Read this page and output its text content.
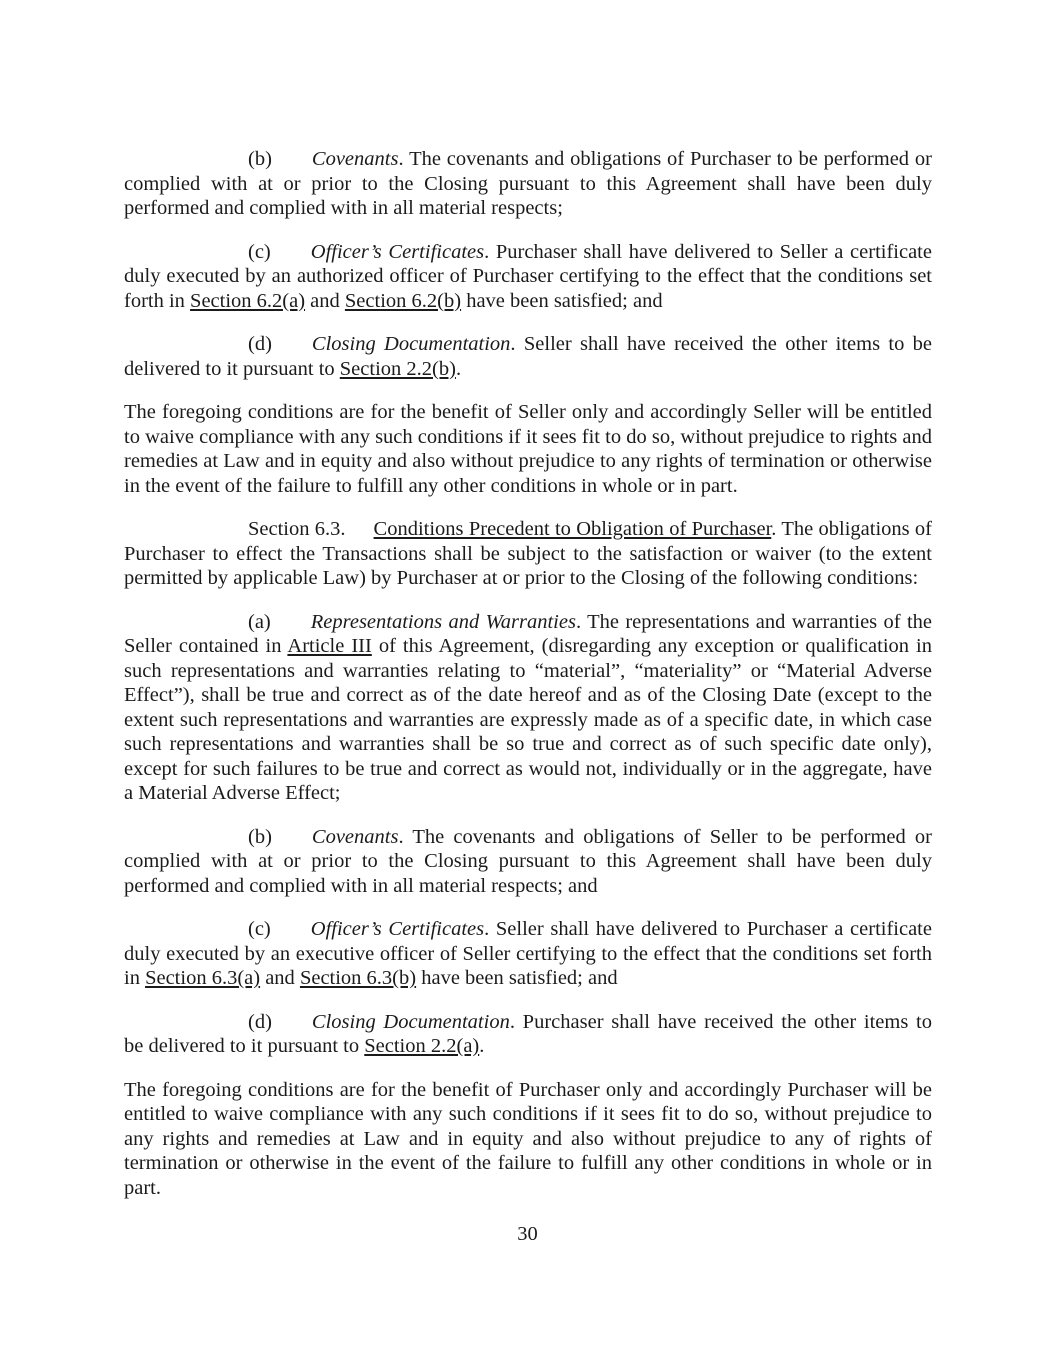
(b) Covenants. The covenants and obligations of Purchaser to be performed or complied with at or prior to the Closing pursuant to this Agreement shall have been duly performed and complied with in all material respects;

(c) Officer’s Certificates. Purchaser shall have delivered to Seller a certificate duly executed by an authorized officer of Purchaser certifying to the effect that the conditions set forth in Section 6.2(a) and Section 6.2(b) have been satisfied; and

(d) Closing Documentation. Seller shall have received the other items to be delivered to it pursuant to Section 2.2(b).

The foregoing conditions are for the benefit of Seller only and accordingly Seller will be entitled to waive compliance with any such conditions if it sees fit to do so, without prejudice to rights and remedies at Law and in equity and also without prejudice to any rights of termination or otherwise in the event of the failure to fulfill any other conditions in whole or in part.

Section 6.3. Conditions Precedent to Obligation of Purchaser. The obligations of Purchaser to effect the Transactions shall be subject to the satisfaction or waiver (to the extent permitted by applicable Law) by Purchaser at or prior to the Closing of the following conditions:

(a) Representations and Warranties. The representations and warranties of the Seller contained in Article III of this Agreement, (disregarding any exception or qualification in such representations and warranties relating to “material”, “materiality” or “Material Adverse Effect”), shall be true and correct as of the date hereof and as of the Closing Date (except to the extent such representations and warranties are expressly made as of a specific date, in which case such representations and warranties shall be so true and correct as of such specific date only), except for such failures to be true and correct as would not, individually or in the aggregate, have a Material Adverse Effect;

(b) Covenants. The covenants and obligations of Seller to be performed or complied with at or prior to the Closing pursuant to this Agreement shall have been duly performed and complied with in all material respects; and

(c) Officer’s Certificates. Seller shall have delivered to Purchaser a certificate duly executed by an executive officer of Seller certifying to the effect that the conditions set forth in Section 6.3(a) and Section 6.3(b) have been satisfied; and

(d) Closing Documentation. Purchaser shall have received the other items to be delivered to it pursuant to Section 2.2(a).

The foregoing conditions are for the benefit of Purchaser only and accordingly Purchaser will be entitled to waive compliance with any such conditions if it sees fit to do so, without prejudice to any rights and remedies at Law and in equity and also without prejudice to any of rights of termination or otherwise in the event of the failure to fulfill any other conditions in whole or in part.

30
